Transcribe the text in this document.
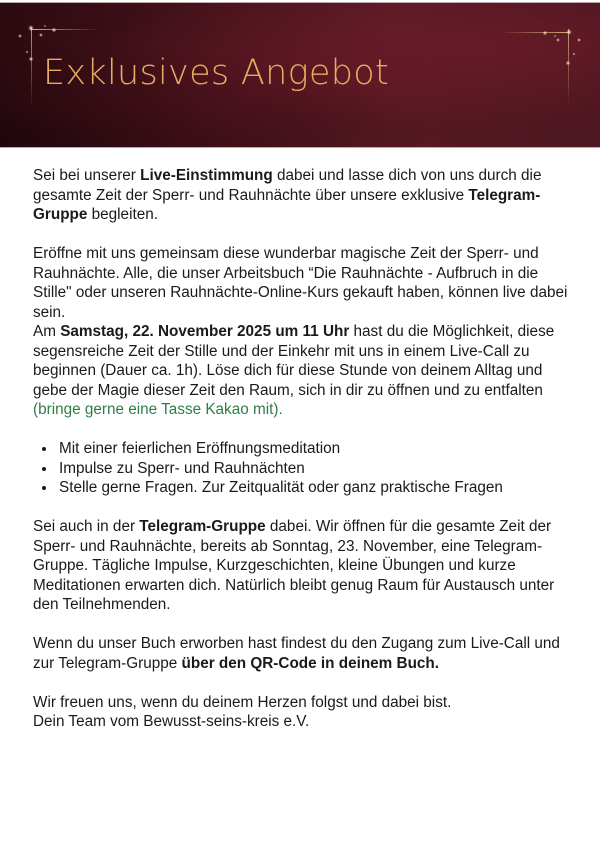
Exklusives Angebot

Sei bei unserer Live-Einstimmung dabei und lasse dich von uns durch die gesamte Zeit der Sperr- und Rauhnächte über unsere exklusive Telegram-Gruppe begleiten.

Eröffne mit uns gemeinsam diese wunderbar magische Zeit der Sperr- und Rauhnächte. Alle, die unser Arbeitsbuch “Die Rauhnächte - Aufbruch in die Stille" oder unseren Rauhnächte-Online-Kurs gekauft haben, können live dabei sein.

Am Samstag, 22. November 2025 um 11 Uhr hast du die Möglichkeit, diese segensreiche Zeit der Stille und der Einkehr mit uns in einem Live-Call zu beginnen (Dauer ca. 1h). Löse dich für diese Stunde von deinem Alltag und gebe der Magie dieser Zeit den Raum, sich in dir zu öffnen und zu entfalten (bringe gerne eine Tasse Kakao mit).

Mit einer feierlichen Eröffnungsmeditation
Impulse zu Sperr- und Rauhnächten
Stelle gerne Fragen. Zur Zeitqualität oder ganz praktische Fragen

Sei auch in der Telegram-Gruppe dabei. Wir öffnen für die gesamte Zeit der Sperr- und Rauhnächte, bereits ab Sonntag, 23. November, eine Telegram-Gruppe. Tägliche Impulse, Kurzgeschichten, kleine Übungen und kurze Meditationen erwarten dich. Natürlich bleibt genug Raum für Austausch unter den Teilnehmenden.

Wenn du unser Buch erworben hast findest du den Zugang zum Live-Call und zur Telegram-Gruppe über den QR-Code in deinem Buch.

Wir freuen uns, wenn du deinem Herzen folgst und dabei bist.

Dein Team vom Bewusst-seins-kreis e.V.
